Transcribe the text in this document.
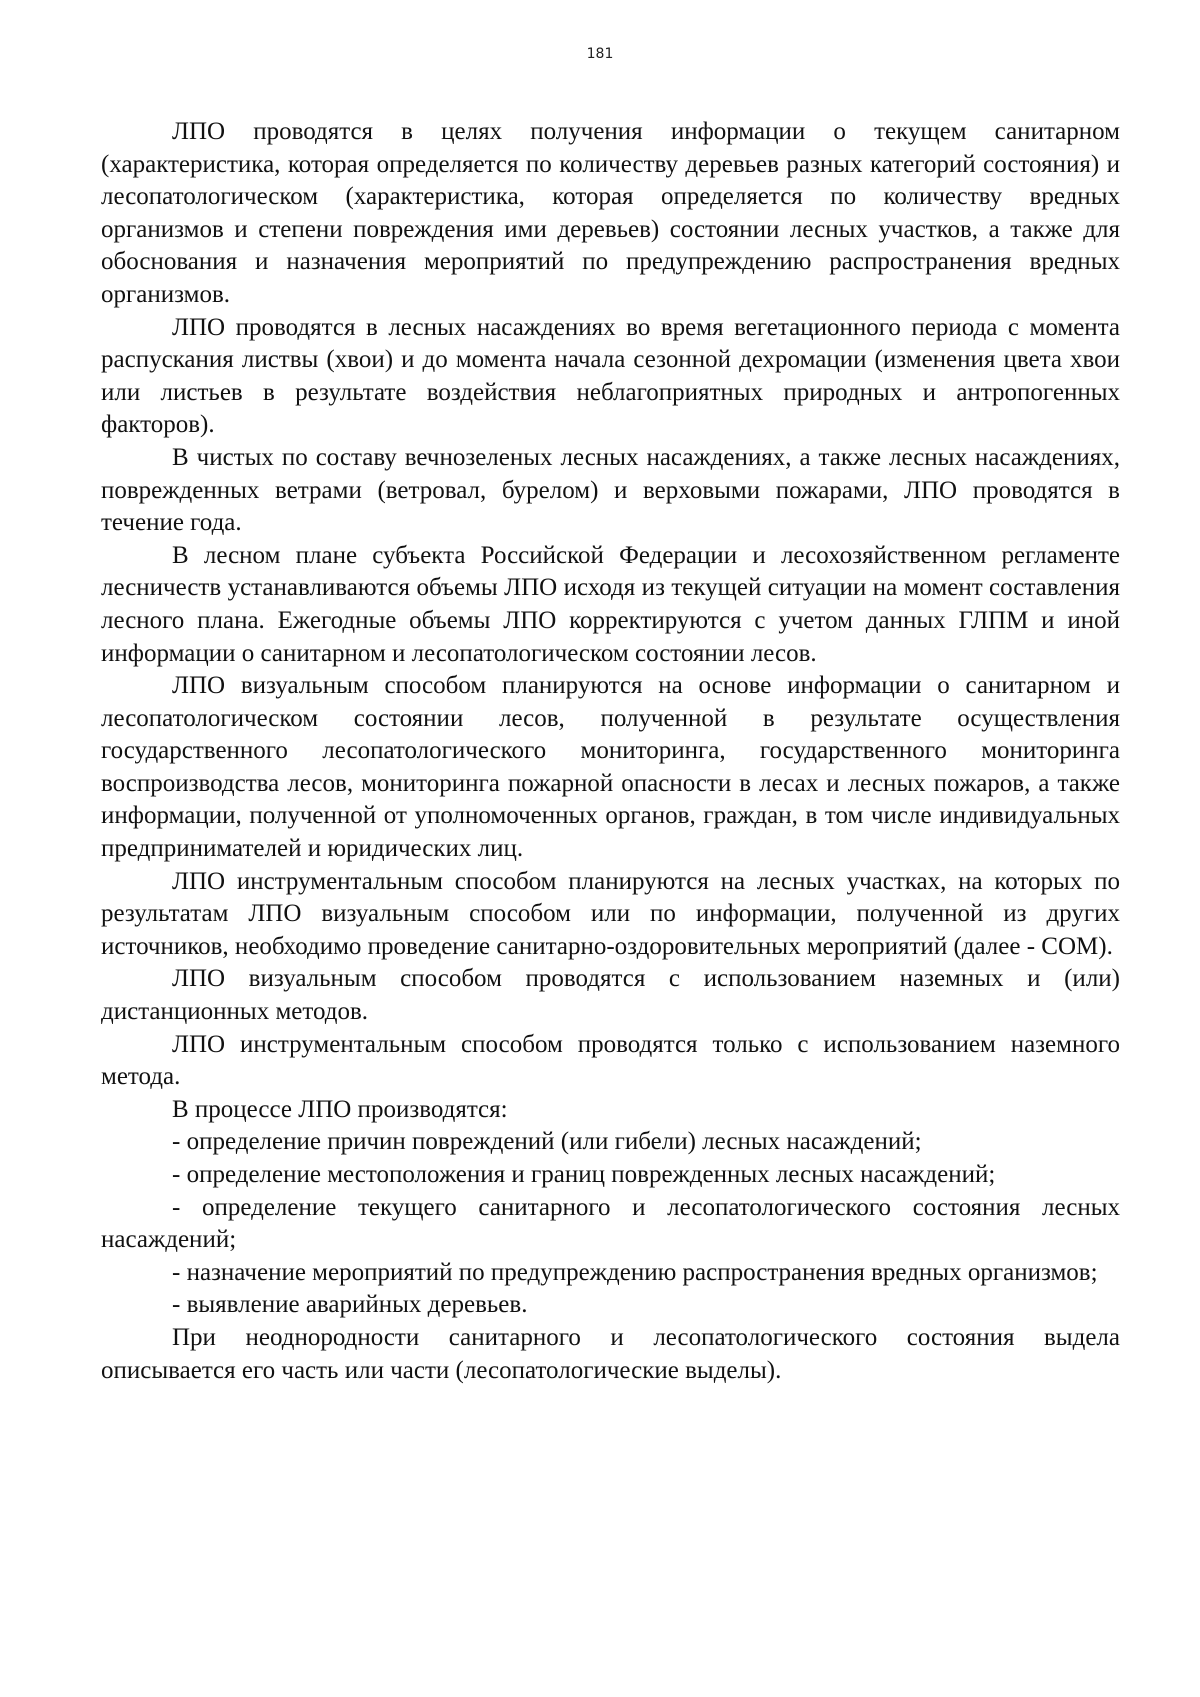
181

ЛПО проводятся в целях получения информации о текущем санитарном (характеристика, которая определяется по количеству деревьев разных категорий состояния) и лесопатологическом (характеристика, которая определяется по количеству вредных организмов и степени повреждения ими деревьев) состоянии лесных участков, а также для обоснования и назначения мероприятий по предупреждению распространения вредных организмов.

ЛПО проводятся в лесных насаждениях во время вегетационного периода с момента распускания листвы (хвои) и до момента начала сезонной дехромации (изменения цвета хвои или листьев в результате воздействия неблагоприятных природных и антропогенных факторов).

В чистых по составу вечнозеленых лесных насаждениях, а также лесных насаждениях, поврежденных ветрами (ветровал, бурелом) и верховыми пожарами, ЛПО проводятся в течение года.

В лесном плане субъекта Российской Федерации и лесохозяйственном регламенте лесничеств устанавливаются объемы ЛПО исходя из текущей ситуации на момент составления лесного плана. Ежегодные объемы ЛПО корректируются с учетом данных ГЛПМ и иной информации о санитарном и лесопатологическом состоянии лесов.

ЛПО визуальным способом планируются на основе информации о санитарном и лесопатологическом состоянии лесов, полученной в результате осуществления государственного лесопатологического мониторинга, государственного мониторинга воспроизводства лесов, мониторинга пожарной опасности в лесах и лесных пожаров, а также информации, полученной от уполномоченных органов, граждан, в том числе индивидуальных предпринимателей и юридических лиц.

ЛПО инструментальным способом планируются на лесных участках, на которых по результатам ЛПО визуальным способом или по информации, полученной из других источников, необходимо проведение санитарно-оздоровительных мероприятий (далее - СОМ).

ЛПО визуальным способом проводятся с использованием наземных и (или) дистанционных методов.

ЛПО инструментальным способом проводятся только с использованием наземного метода.

В процессе ЛПО производятся:

- определение причин повреждений (или гибели) лесных насаждений;

- определение местоположения и границ поврежденных лесных насаждений;

- определение текущего санитарного и лесопатологического состояния лесных насаждений;

- назначение мероприятий по предупреждению распространения вредных организмов;

- выявление аварийных деревьев.

При неоднородности санитарного и лесопатологического состояния выдела описывается его часть или части (лесопатологические выделы).
